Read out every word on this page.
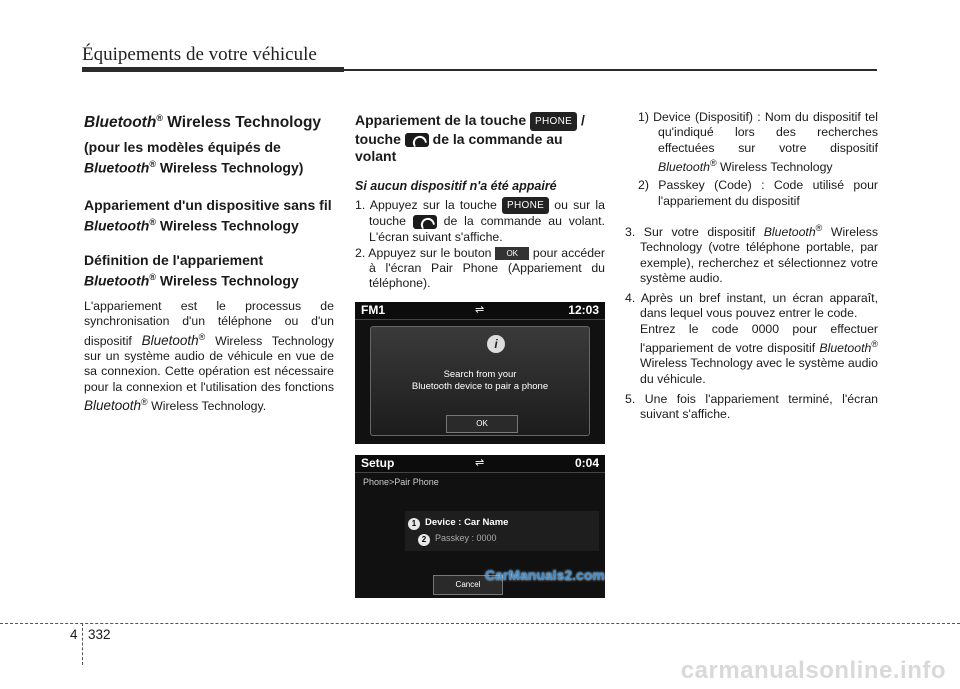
Équipements de votre véhicule
Bluetooth® Wireless Technology
(pour les modèles équipés de
Bluetooth® Wireless Technology)
Appariement d'un dispositive sans fil Bluetooth® Wireless Technology
Définition de l'appariement Bluetooth® Wireless Technology
L'appariement est le processus de synchronisation d'un téléphone ou d'un dispositif Bluetooth® Wireless Technology sur un système audio de véhicule en vue de sa connexion. Cette opération est nécessaire pour la connexion et l'utilisation des fonctions Bluetooth® Wireless Technology.
Appariement de la touche PHONE / touche  de la commande au volant
Si aucun dispositif n'a été appairé
1. Appuyez sur la touche PHONE ou sur la touche  de la commande au volant. L'écran suivant s'affiche.
2. Appuyez sur le bouton OK pour accéder à l'écran Pair Phone (Appariement du téléphone).
FM1	⇌	12:03
i
Search from your
Bluetooth device to pair a phone
OK
Setup	⇌	0:04
Phone>Pair Phone
1 Device : Car Name
2 Passkey : 0000
Cancel
CarManuals2.com
1) Device (Dispositif) : Nom du dispositif tel qu'indiqué lors des recherches effectuées sur votre dispositif Bluetooth® Wireless Technology
2) Passkey (Code) : Code utilisé pour l'appariement du dispositif
3. Sur votre dispositif Bluetooth® Wireless Technology (votre téléphone portable, par exemple), recherchez et sélectionnez votre système audio.
4. Après un bref instant, un écran apparaît, dans lequel vous pouvez entrer le code.
Entrez le code 0000 pour effectuer l'appariement de votre dispositif Bluetooth® Wireless Technology avec le système audio du véhicule.
5. Une fois l'appariement terminé, l'écran suivant s'affiche.
4 332
carmanualsonline.info
